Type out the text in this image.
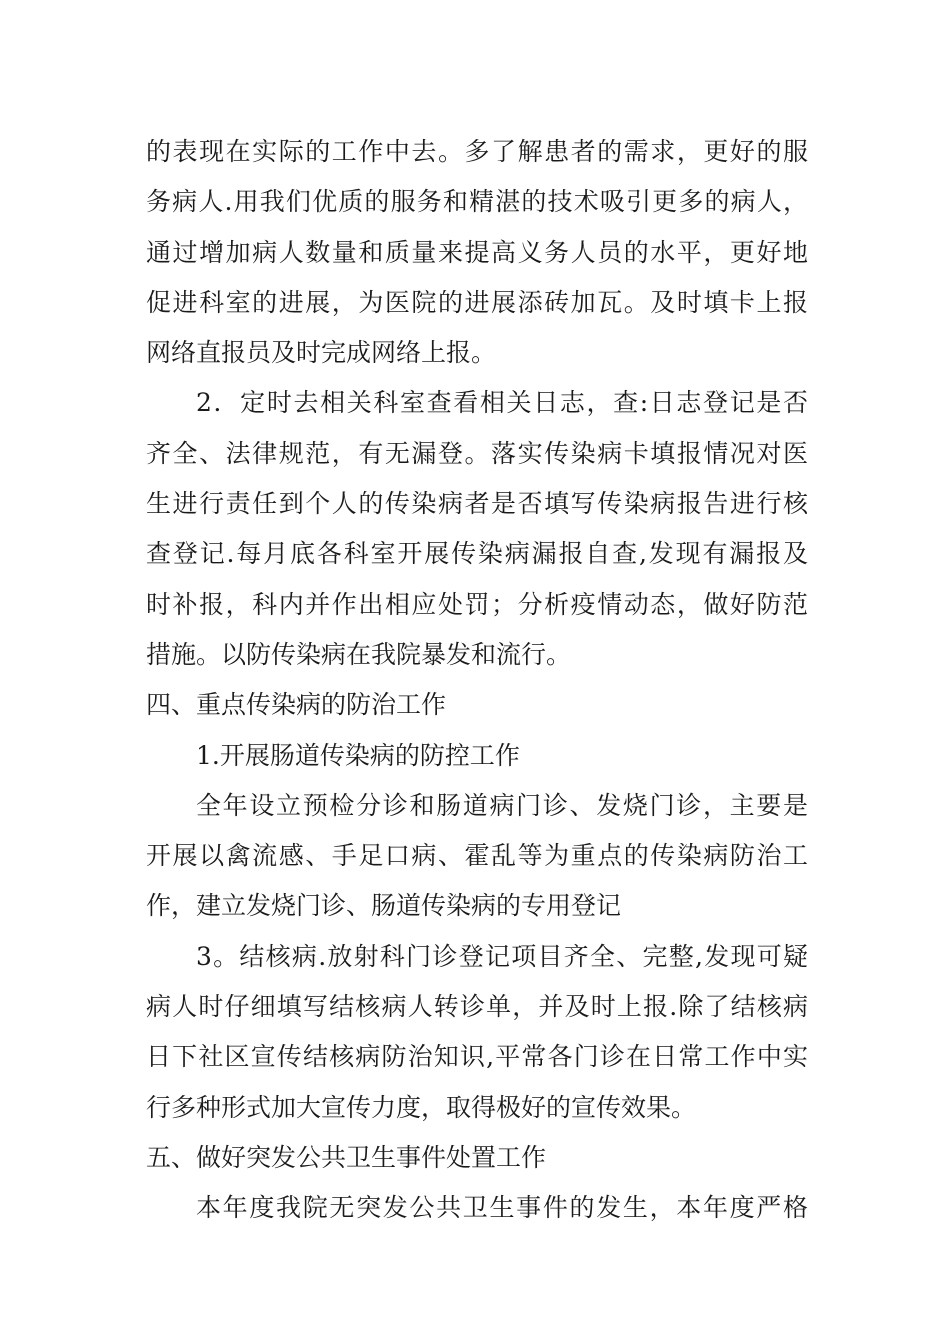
的表现在实际的工作中去。多了解患者的需求，更好的服
务病人.用我们优质的服务和精湛的技术吸引更多的病人，
通过增加病人数量和质量来提高义务人员的水平，更好地
促进科室的进展，为医院的进展添砖加瓦。及时填卡上报
网络直报员及时完成网络上报。
2．定时去相关科室查看相关日志，查:日志登记是否
齐全、法律规范，有无漏登。落实传染病卡填报情况对医
生进行责任到个人的传染病者是否填写传染病报告进行核
查登记.每月底各科室开展传染病漏报自查,发现有漏报及
时补报，科内并作出相应处罚；分析疫情动态，做好防范
措施。以防传染病在我院暴发和流行。
四、重点传染病的防治工作
1.开展肠道传染病的防控工作
全年设立预检分诊和肠道病门诊、发烧门诊，主要是
开展以禽流感、手足口病、霍乱等为重点的传染病防治工
作，建立发烧门诊、肠道传染病的专用登记
3。结核病.放射科门诊登记项目齐全、完整,发现可疑
病人时仔细填写结核病人转诊单，并及时上报.除了结核病
日下社区宣传结核病防治知识,平常各门诊在日常工作中实
行多种形式加大宣传力度，取得极好的宣传效果。
五、做好突发公共卫生事件处置工作
本年度我院无突发公共卫生事件的发生，本年度严格
